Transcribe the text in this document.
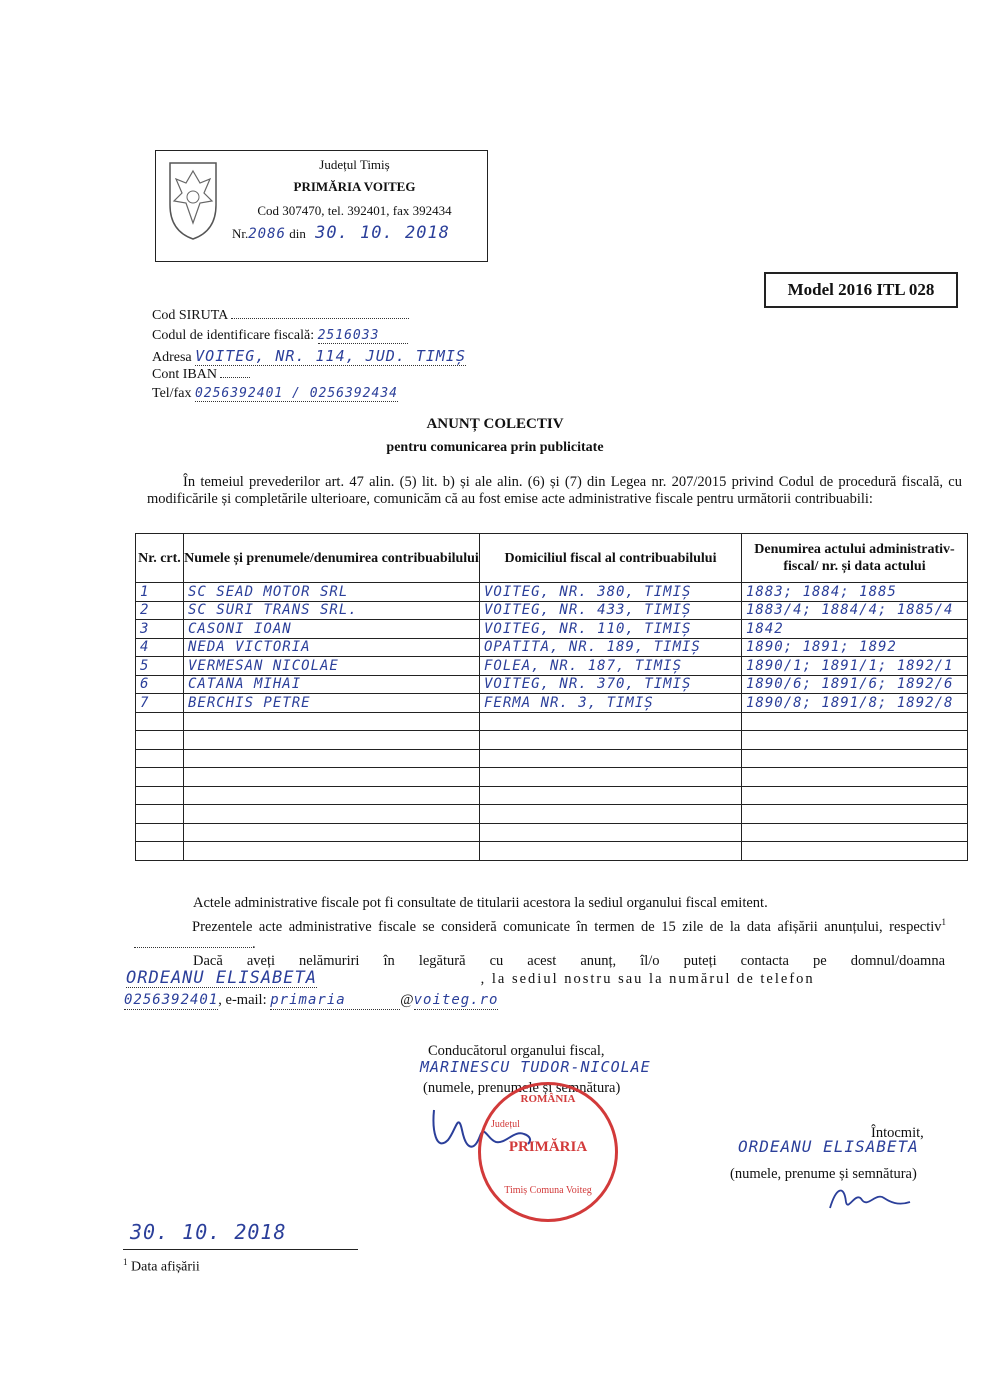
Județul Timiș
PRIMĂRIA VOITEG
Cod 307470, tel. 392401, fax 392434
Nr.2086 din 30. 10. 2018
Model 2016 ITL 028
Cod SIRUTA
Codul de identificare fiscală: 2516033
Adresa VOITEG, NR. 114, JUD. TIMIȘ
Cont IBAN
Tel/fax 0256392401 / 0256392434
ANUNȚ COLECTIV
pentru comunicarea prin publicitate
În temeiul prevederilor art. 47 alin. (5) lit. b) și ale alin. (6) și (7) din Legea nr. 207/2015 privind Codul de procedură fiscală, cu modificările și completările ulterioare, comunicăm că au fost emise acte administrative fiscale pentru următorii contribuabili:
Nr. crt.	Numele și prenumele/denumirea contribuabilului	Domiciliul fiscal al contribuabilului	Denumirea actului administrativ-fiscal/ nr. și data actului
1	SC SEAD MOTOR SRL	VOITEG, NR. 380, TIMIȘ	1883; 1884; 1885
2	SC SURI TRANS SRL.	VOITEG, NR. 433, TIMIȘ	1883/4; 1884/4; 1885/4
3	CASONI IOAN	VOITEG, NR. 110, TIMIȘ	1842
4	NEDA VICTORIA	OPATITA, NR. 189, TIMIȘ	1890; 1891; 1892
5	VERMESAN NICOLAE	FOLEA, NR. 187, TIMIȘ	1890/1; 1891/1; 1892/1
6	CATANA MIHAI	VOITEG, NR. 370, TIMIȘ	1890/6; 1891/6; 1892/6
7	BERCHIS PETRE	FERMA NR. 3, TIMIȘ	1890/8; 1891/8; 1892/8

Actele administrative fiscale pot fi consultate de titularii acestora la sediul organului fiscal emitent.
Prezentele acte administrative fiscale se consideră comunicate în termen de 15 zile de la data afișării anunțului, respectiv$^1$ .
Dacă aveți nelămuriri în legătură cu acest anunț, îl/o puteți contacta pe domnul/doamna
ORDEANU ELISABETA	, la sediul nostru sau la numărul de telefon
0256392401, e-mail: primaria	@voiteg.ro
Conducătorul organului fiscal,
MARINESCU TUDOR-NICOLAE
(numele, prenumele și semnătura)
ROMÂNIA
PRIMĂRIA
Județul
Timiș Comuna Voiteg
Întocmit,
ORDEANU ELISABETA
(numele, prenume și semnătura)
30. 10. 2018
$^1$ Data afișării
